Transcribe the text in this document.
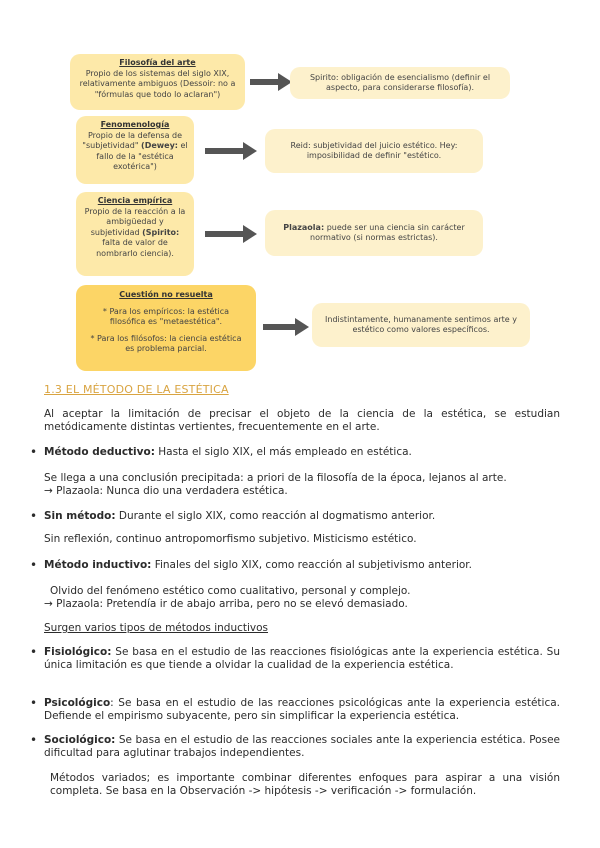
Filosofía del arte
Propio de los sistemas del siglo XIX, relativamente ambiguos (Dessoir: no a "fórmulas que todo lo aclaran")
Spirito: obligación de esencialismo (definir el aspecto, para considerarse filosofía).
Fenomenología
Propio de la defensa de "subjetividad" (Dewey: el fallo de la "estética exotérica")
Reid: subjetividad del juicio estético. Hey: imposibilidad de definir "estético.
Ciencia empírica
Propio de la reacción a la ambigüedad y subjetividad (Spirito: falta de valor de nombrarlo ciencia).
Plazaola: puede ser una ciencia sin carácter normativo (si normas estrictas).
Cuestión no resuelta
* Para los empíricos: la estética filosófica es "metaestética".
* Para los filósofos: la ciencia estética es problema parcial.
Indistintamente, humanamente sentimos arte y estético como valores específicos.
1.3 EL MÉTODO DE LA ESTÉTICA
Al aceptar la limitación de precisar el objeto de la ciencia de la estética, se estudian metódicamente distintas vertientes, frecuentemente en el arte.
• Método deductivo: Hasta el siglo XIX, el más empleado en estética.
Se llega a una conclusión precipitada: a priori de la filosofía de la época, lejanos al arte.
→ Plazaola: Nunca dio una verdadera estética.
• Sin método: Durante el siglo XIX, como reacción al dogmatismo anterior.
Sin reflexión, continuo antropomorfismo subjetivo. Misticismo estético.
• Método inductivo: Finales del siglo XIX, como reacción al subjetivismo anterior.
Olvido del fenómeno estético como cualitativo, personal y complejo.
→ Plazaola: Pretendía ir de abajo arriba, pero no se elevó demasiado.
Surgen varios tipos de métodos inductivos
• Fisiológico: Se basa en el estudio de las reacciones fisiológicas ante la experiencia estética. Su única limitación es que tiende a olvidar la cualidad de la experiencia estética.
• Psicológico: Se basa en el estudio de las reacciones psicológicas ante la experiencia estética. Defiende el empirismo subyacente, pero sin simplificar la experiencia estética.
• Sociológico: Se basa en el estudio de las reacciones sociales ante la experiencia estética. Posee dificultad para aglutinar trabajos independientes.
Métodos variados; es importante combinar diferentes enfoques para aspirar a una visión completa. Se basa en la Observación -> hipótesis -> verificación -> formulación.
